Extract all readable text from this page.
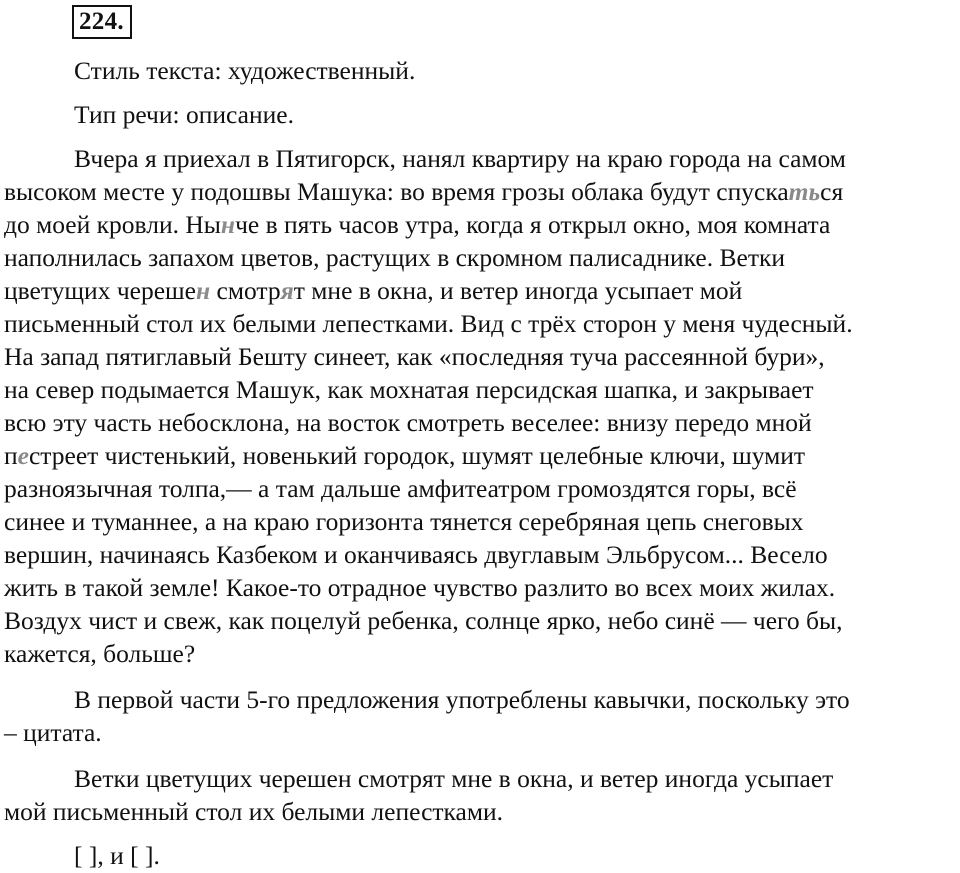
224.
Стиль текста: художественный.
Тип речи: описание.
Вчера я приехал в Пятигорск, нанял квартиру на краю города на самом
высоком месте у подошвы Машука: во время грозы облака будут спускаться
до моей кровли. Нынче в пять часов утра, когда я открыл окно, моя комната
наполнилась запахом цветов, растущих в скромном палисаднике. Ветки
цветущих черешен смотрят мне в окна, и ветер иногда усыпает мой
письменный стол их белыми лепестками. Вид с трёх сторон у меня чудесный.
На запад пятиглавый Бешту синеет, как «последняя туча рассеянной бури»,
на север подымается Машук, как мохнатая персидская шапка, и закрывает
всю эту часть небосклона, на восток смотреть веселее: внизу передо мной
пестреет чистенький, новенький городок, шумят целебные ключи, шумит
разноязычная толпа,— а там дальше амфитеатром громоздятся горы, всё
синее и туманнее, а на краю горизонта тянется серебряная цепь снеговых
вершин, начинаясь Казбеком и оканчиваясь двуглавым Эльбрусом... Весело
жить в такой земле! Какое-то отрадное чувство разлито во всех моих жилах.
Воздух чист и свеж, как поцелуй ребенка, солнце ярко, небо синё — чего бы,
кажется, больше?
В первой части 5-го предложения употреблены кавычки, поскольку это
– цитата.
Ветки цветущих черешен смотрят мне в окна, и ветер иногда усыпает
мой письменный стол их белыми лепестками.
[ ], и [ ].
